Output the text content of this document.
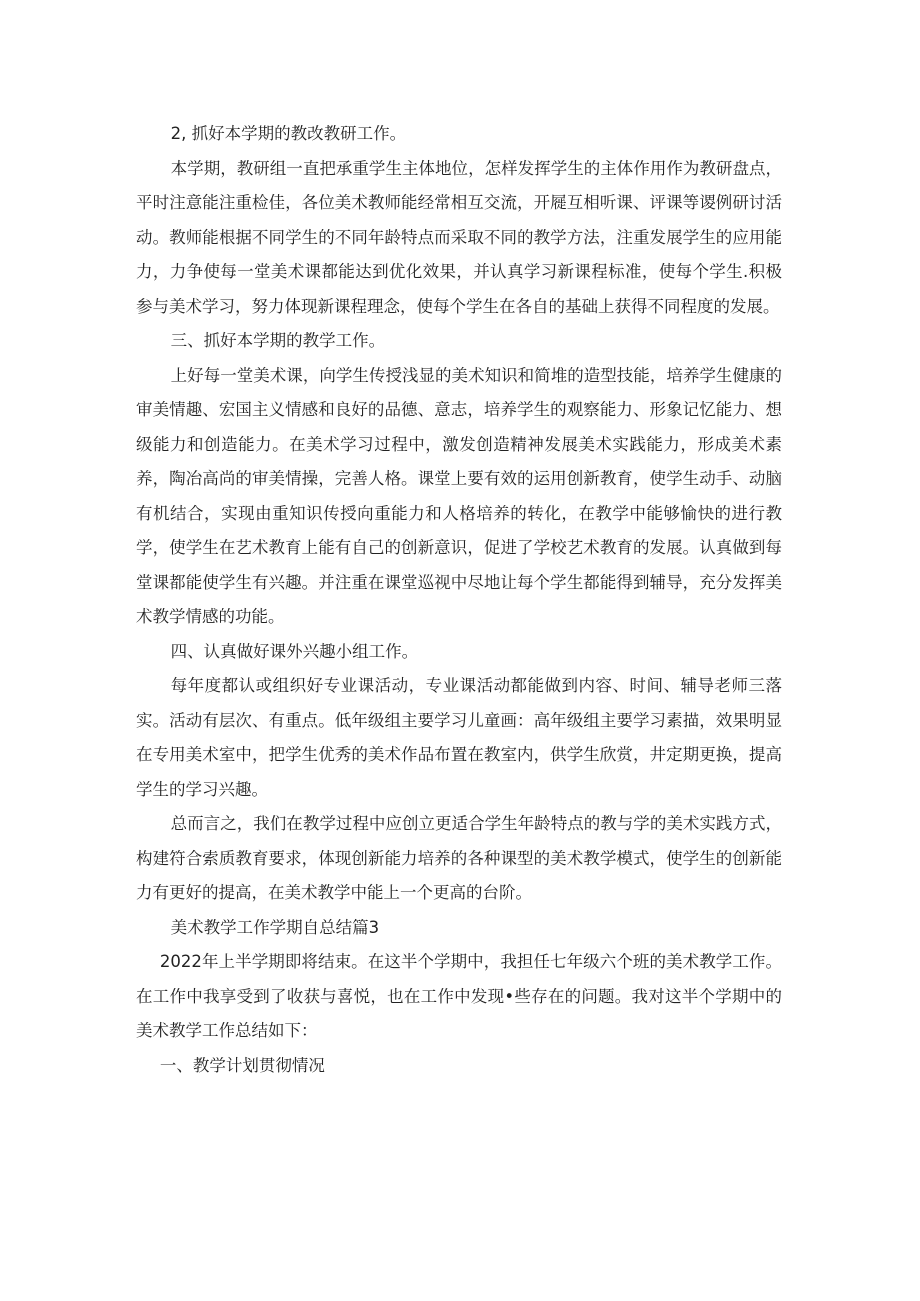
2, 抓好本学期的教改教研工作。

本学期，教研组一直把承重学生主体地位，怎样发挥学生的主体作用作为教研盘点，平时注意能注重检佳，各位美术教师能经常相互交流，开屣互相听课、评课等谡例研讨活动。教师能根据不同学生的不同年龄特点而采取不同的教学方法，注重发展学生的应用能力，力争使每一堂美术课都能达到优化效果，并认真学习新课程标准，使每个学生.积极参与美术学习，努力体现新课程理念，使每个学生在各自的基础上获得不同程度的发展。

三、抓好本学期的教学工作。

上好每一堂美术课，向学生传授浅显的美术知识和简堆的造型技能，培养学生健康的审美情趣、宏国主义情感和良好的品德、意志，培养学生的观察能力、形象记忆能力、想级能力和创造能力。在美术学习过程中，激发创造精神发展美术实践能力，形成美术素养，陶冶高尚的审美情操，完善人格。课堂上要有效的运用创新教育，使学生动手、动脑有机结合，实现由重知识传授向重能力和人格培养的转化，在教学中能够愉快的进行教学，使学生在艺术教育上能有自己的创新意识，促进了学校艺术教育的发展。认真做到每堂课都能使学生有兴趣。并注重在课堂巡视中尽地让每个学生都能得到辅导，充分发挥美术教学情感的功能。

四、认真做好课外兴趣小组工作。

每年度都认或组织好专业课活动，专业课活动都能做到内容、时间、辅导老师三落实。活动有层次、有重点。低年级组主要学习儿童画：高年级组主要学习素描，效果明显在专用美术室中，把学生优秀的美术作品布置在教室内，供学生欣赏，井定期更换，提高学生的学习兴趣。

总而言之，我们在教学过程中应创立更适合学生年龄特点的教与学的美术实践方式，构建符合索质教育要求，体现创新能力培养的各种课型的美术教学模式，使学生的创新能力有更好的提高，在美术教学中能上一个更高的台阶。

美术教学工作学期自总结篇3

2022年上半学期即将结束。在这半个学期中，我担任七年级六个班的美术教学工作。在工作中我享受到了收获与喜悦，也在工作中发现•些存在的问题。我对这半个学期中的美术教学工作总结如下：

一、教学计划贯彻情况
